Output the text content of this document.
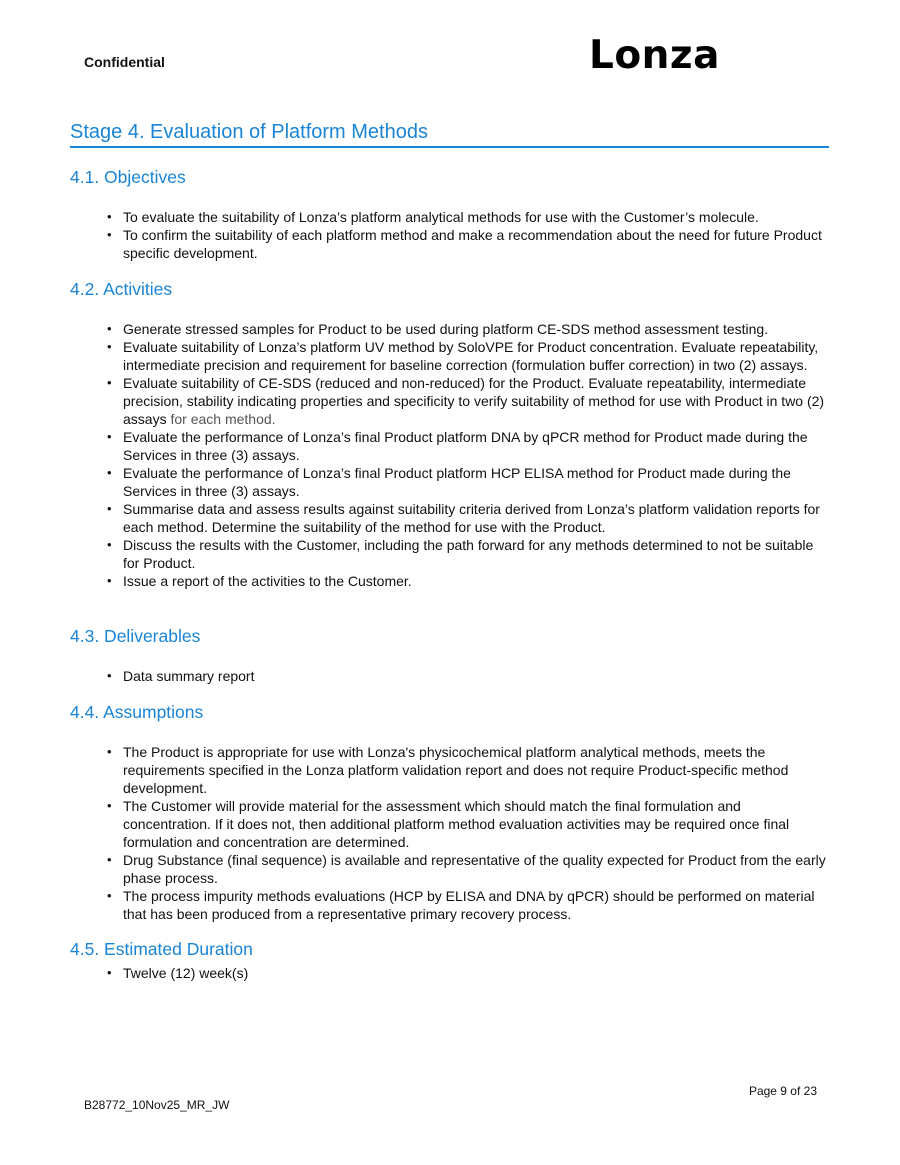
Confidential	Lonza
Stage 4. Evaluation of Platform Methods
4.1. Objectives
• To evaluate the suitability of Lonza’s platform analytical methods for use with the Customer’s molecule.
• To confirm the suitability of each platform method and make a recommendation about the need for future Product specific development.
4.2. Activities
• Generate stressed samples for Product to be used during platform CE-SDS method assessment testing.
• Evaluate suitability of Lonza’s platform UV method by SoloVPE for Product concentration. Evaluate repeatability, intermediate precision and requirement for baseline correction (formulation buffer correction) in two (2) assays.
• Evaluate suitability of CE-SDS (reduced and non-reduced) for the Product. Evaluate repeatability, intermediate precision, stability indicating properties and specificity to verify suitability of method for use with Product in two (2) assays for each method.
• Evaluate the performance of Lonza’s final Product platform DNA by qPCR method for Product made during the Services in three (3) assays.
• Evaluate the performance of Lonza’s final Product platform HCP ELISA method for Product made during the Services in three (3) assays.
• Summarise data and assess results against suitability criteria derived from Lonza’s platform validation reports for each method. Determine the suitability of the method for use with the Product.
• Discuss the results with the Customer, including the path forward for any methods determined to not be suitable for Product.
• Issue a report of the activities to the Customer.
4.3. Deliverables
• Data summary report
4.4. Assumptions
• The Product is appropriate for use with Lonza's physicochemical platform analytical methods, meets the requirements specified in the Lonza platform validation report and does not require Product-specific method development.
• The Customer will provide material for the assessment which should match the final formulation and concentration. If it does not, then additional platform method evaluation activities may be required once final formulation and concentration are determined.
• Drug Substance (final sequence) is available and representative of the quality expected for Product from the early phase process.
• The process impurity methods evaluations (HCP by ELISA and DNA by qPCR) should be performed on material that has been produced from a representative primary recovery process.
4.5. Estimated Duration
• Twelve (12) week(s)
Page 9 of 23
B28772_10Nov25_MR_JW
